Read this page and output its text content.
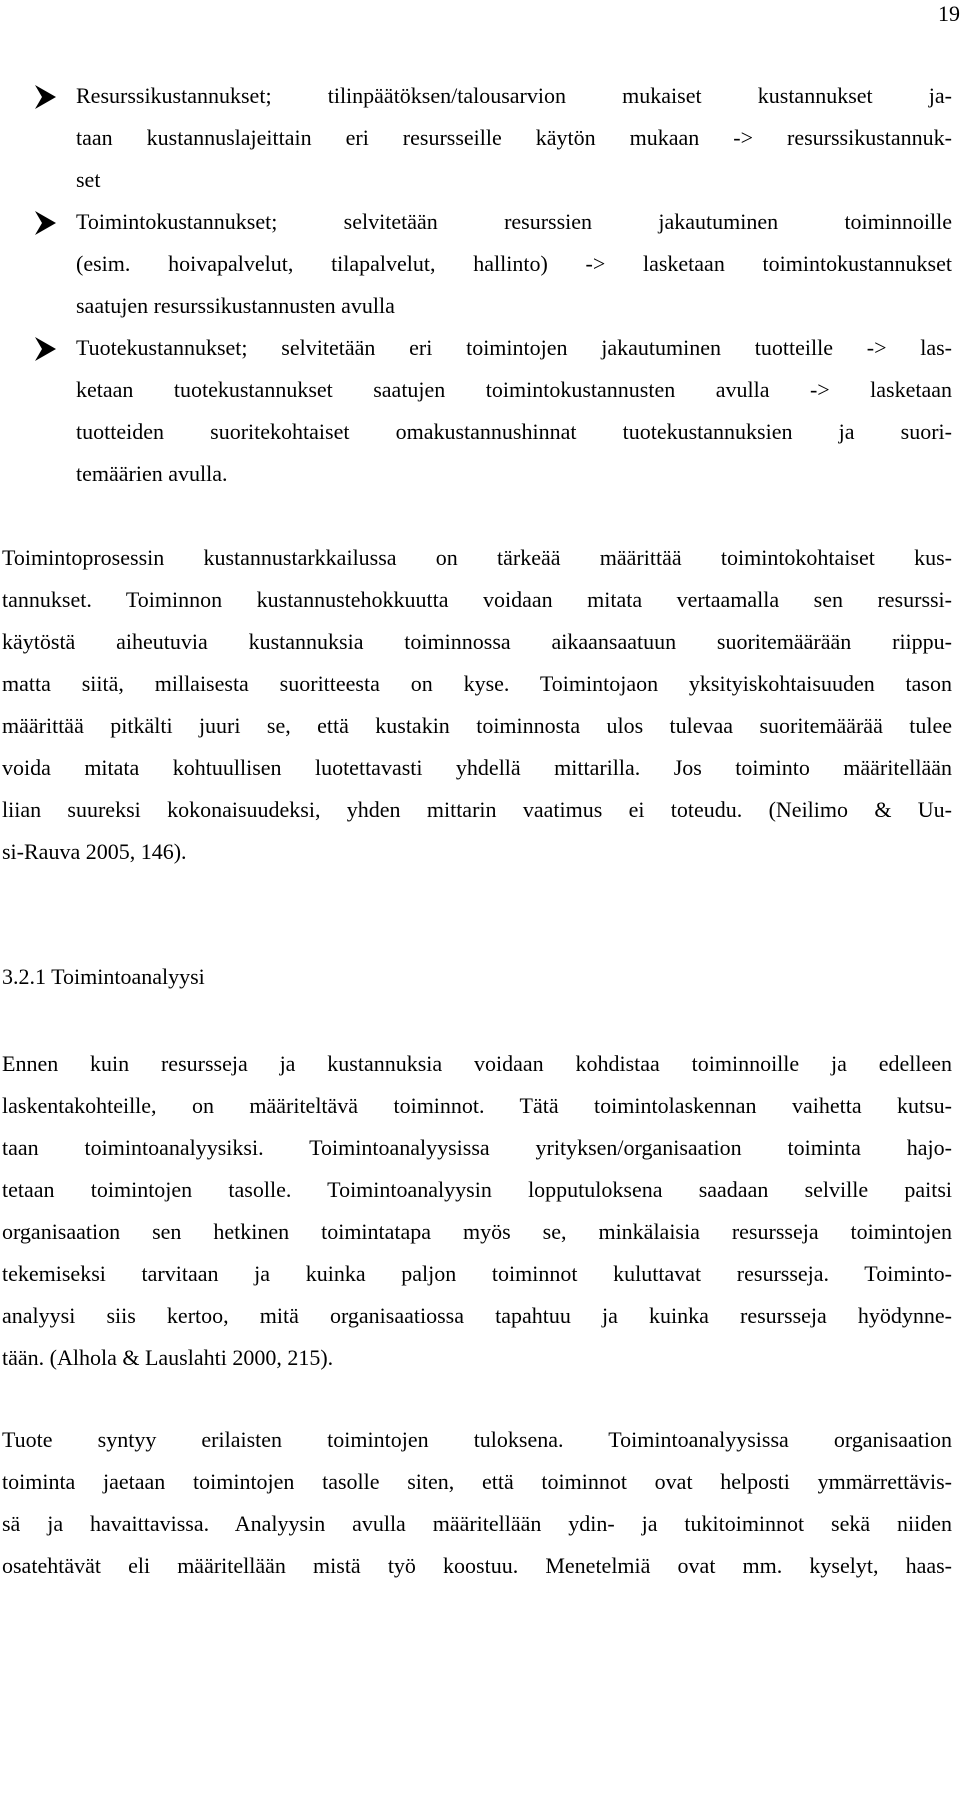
19
Resurssikustannukset; tilinpäätöksen/talousarvion mukaiset kustannukset ja-
taan kustannuslajeittain eri resursseille käytön mukaan -> resurssikustannuk-
set
Toimintokustannukset; selvitetään resurssien jakautuminen toiminnoille
(esim. hoivapalvelut, tilapalvelut, hallinto) -> lasketaan toimintokustannukset
saatujen resurssikustannusten avulla
Tuotekustannukset; selvitetään eri toimintojen jakautuminen tuotteille -> las-
ketaan tuotekustannukset saatujen toimintokustannusten avulla -> lasketaan
tuotteiden suoritekohtaiset omakustannushinnat tuotekustannuksien ja suori-
temäärien avulla.
Toimintoprosessin kustannustarkkailussa on tärkeää määrittää toimintokohtaiset kus-
tannukset. Toiminnon kustannustehokkuutta voidaan mitata vertaamalla sen resurssi-
käytöstä aiheutuvia kustannuksia toiminnossa aikaansaatuun suoritemäärään riippu-
matta siitä, millaisesta suoritteesta on kyse. Toimintojaon yksityiskohtaisuuden tason
määrittää pitkälti juuri se, että kustakin toiminnosta ulos tulevaa suoritemäärää tulee
voida mitata kohtuullisen luotettavasti yhdellä mittarilla. Jos toiminto määritellään
liian suureksi kokonaisuudeksi, yhden mittarin vaatimus ei toteudu. (Neilimo & Uu-
si-Rauva 2005, 146).
3.2.1 Toimintoanalyysi
Ennen kuin resursseja ja kustannuksia voidaan kohdistaa toiminnoille ja edelleen
laskentakohteille, on määriteltävä toiminnot. Tätä toimintolaskennan vaihetta kutsu-
taan toimintoanalyysiksi. Toimintoanalyysissa yrityksen/organisaation toiminta hajo-
tetaan toimintojen tasolle. Toimintoanalyysin lopputuloksena saadaan selville paitsi
organisaation sen hetkinen toimintatapa myös se, minkälaisia resursseja toimintojen
tekemiseksi tarvitaan ja kuinka paljon toiminnot kuluttavat resursseja. Toiminto-
analyysi siis kertoo, mitä organisaatiossa tapahtuu ja kuinka resursseja hyödynne-
tään. (Alhola & Lauslahti 2000, 215).
Tuote syntyy erilaisten toimintojen tuloksena. Toimintoanalyysissa organisaation
toiminta jaetaan toimintojen tasolle siten, että toiminnot ovat helposti ymmärrettävis-
sä ja havaittavissa. Analyysin avulla määritellään ydin- ja tukitoiminnot sekä niiden
osatehtävät eli määritellään mistä työ koostuu. Menetelmiä ovat mm. kyselyt, haas-
